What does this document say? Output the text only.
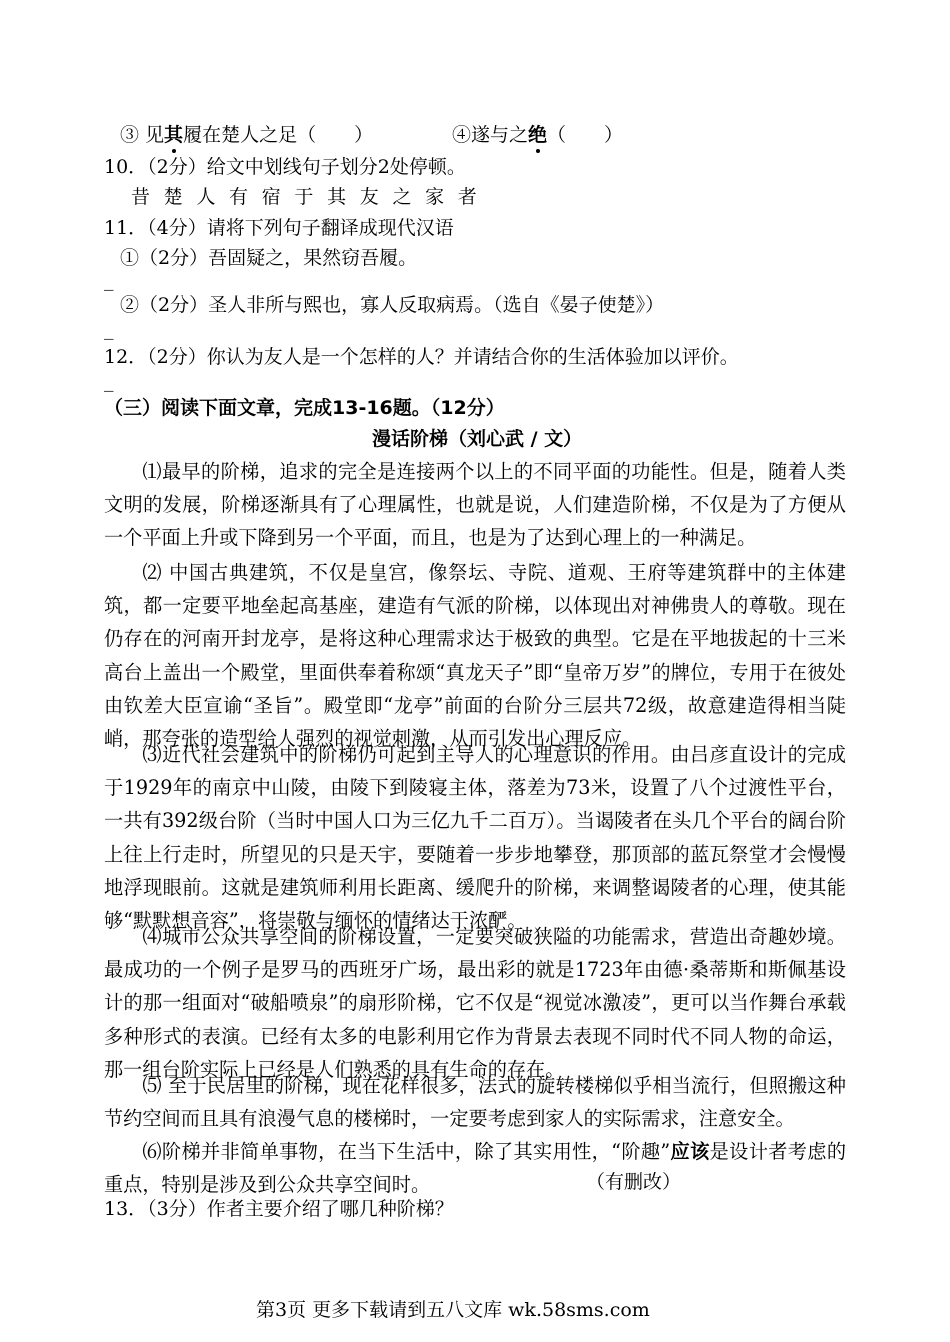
③ 见其履在楚人之足（　　）	④遂与之绝（　　）
10．（2分）给文中划线句子划分2处停顿。
昔楚人有宿于其友之家者
11．（4分）请将下列句子翻译成现代汉语
①（2分）吾固疑之，果然窃吾履。
_
②（2分）圣人非所与熙也，寡人反取病焉。（选自《晏子使楚》）
_
12．（2分）你认为友人是一个怎样的人？并请结合你的生活体验加以评价。
_
（三）阅读下面文章，完成13-16题。（12分）
漫话阶梯（刘心武 / 文）
⑴最早的阶梯，追求的完全是连接两个以上的不同平面的功能性。但是，随着人类文明的发展，阶梯逐渐具有了心理属性，也就是说，人们建造阶梯，不仅是为了方便从一个平面上升或下降到另一个平面，而且，也是为了达到心理上的一种满足。
⑵ 中国古典建筑，不仅是皇宫，像祭坛、寺院、道观、王府等建筑群中的主体建筑，都一定要平地垒起高基座，建造有气派的阶梯，以体现出对神佛贵人的尊敬。现在仍存在的河南开封龙亭，是将这种心理需求达于极致的典型。它是在平地拔起的十三米高台上盖出一个殿堂，里面供奉着称颂“真龙天子”即“皇帝万岁”的牌位，专用于在彼处由钦差大臣宣谕“圣旨”。殿堂即“龙亭”前面的台阶分三层共72级，故意建造得相当陡峭，那夸张的造型给人强烈的视觉刺激，从而引发出心理反应。
⑶近代社会建筑中的阶梯仍可起到主导人的心理意识的作用。由吕彦直设计的完成于1929年的南京中山陵，由陵下到陵寝主体，落差为73米，设置了八个过渡性平台，一共有392级台阶（当时中国人口为三亿九千二百万）。当谒陵者在头几个平台的阔台阶上往上行走时，所望见的只是天宇，要随着一步步地攀登，那顶部的蓝瓦祭堂才会慢慢地浮现眼前。这就是建筑师利用长距离、缓爬升的阶梯，来调整谒陵者的心理，使其能够“默默想音容”，将崇敬与缅怀的情绪达于浓酽。
⑷城市公众共享空间的阶梯设置，一定要突破狭隘的功能需求，营造出奇趣妙境。最成功的一个例子是罗马的西班牙广场，最出彩的就是1723年由德·桑蒂斯和斯佩基设计的那一组面对“破船喷泉”的扇形阶梯，它不仅是“视觉冰激凌”，更可以当作舞台承载多种形式的表演。已经有太多的电影利用它作为背景去表现不同时代不同人物的命运，那一组台阶实际上已经是人们熟悉的具有生命的存在。
⑸ 至于民居里的阶梯，现在花样很多，法式的旋转楼梯似乎相当流行，但照搬这种节约空间而且具有浪漫气息的楼梯时，一定要考虑到家人的实际需求，注意安全。
⑹阶梯并非简单事物，在当下生活中，除了其实用性，“阶趣”应该是设计者考虑的重点，特别是涉及到公众共享空间时。	（有删改）
13．（3分）作者主要介绍了哪几种阶梯？
第3页 更多下载请到五八文库 wk.58sms.com
